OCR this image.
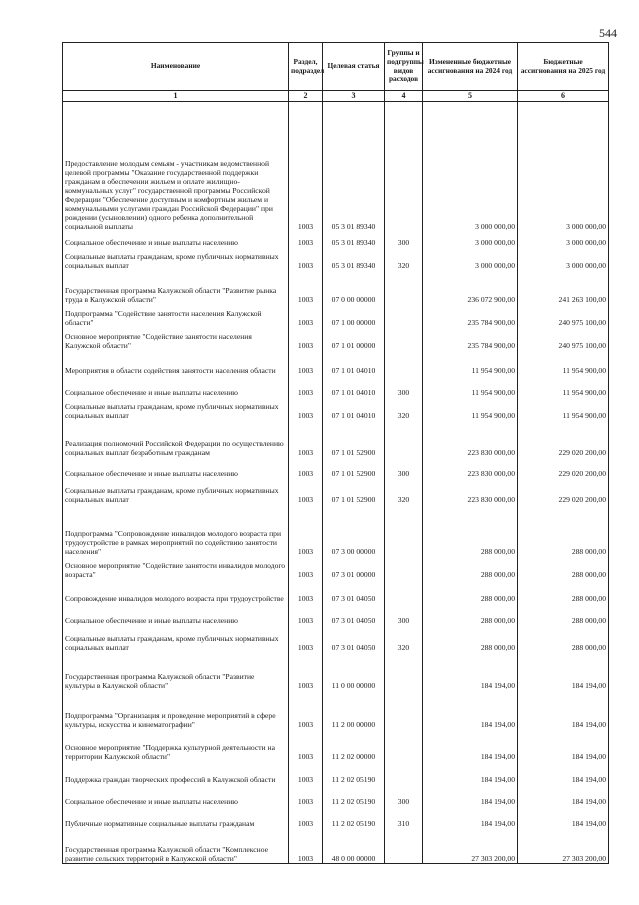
544
Наименование	Раздел, подраздел	Целевая статья	Группы и подгруппы видов расходов	Измененные бюджетные ассигнования на 2024 год	Бюджетные ассигнования на 2025 год
1	2	3	4	5	6
Предоставление молодым семьям - участникам ведомственной целевой программы "Оказание государственной поддержки гражданам в обеспечении жильем и оплате жилищно-коммунальных услуг" государственной программы Российской Федерации "Обеспечение доступным и комфортным жильем и коммунальными услугами граждан Российской Федерации" при рождении (усыновлении) одного ребенка дополнительной социальной выплаты	1003	05 3 01 89340		3 000 000,00	3 000 000,00
Социальное обеспечение и иные выплаты населению	1003	05 3 01 89340	300	3 000 000,00	3 000 000,00
Социальные выплаты гражданам, кроме публичных нормативных социальных выплат	1003	05 3 01 89340	320	3 000 000,00	3 000 000,00
Государственная программа Калужской области "Развитие рынка труда в Калужской области"	1003	07 0 00 00000		236 072 900,00	241 263 100,00
Подпрограмма "Содействие занятости населения Калужской области"	1003	07 1 00 00000		235 784 900,00	240 975 100,00
Основное мероприятие "Содействие занятости населения Калужской области"	1003	07 1 01 00000		235 784 900,00	240 975 100,00
Мероприятия в области содействия занятости населения области	1003	07 1 01 04010		11 954 900,00	11 954 900,00
Социальное обеспечение и иные выплаты населению	1003	07 1 01 04010	300	11 954 900,00	11 954 900,00
Социальные выплаты гражданам, кроме публичных нормативных социальных выплат	1003	07 1 01 04010	320	11 954 900,00	11 954 900,00
Реализация полномочий Российской Федерации по осуществлению социальных выплат безработным гражданам	1003	07 1 01 52900		223 830 000,00	229 020 200,00
Социальное обеспечение и иные выплаты населению	1003	07 1 01 52900	300	223 830 000,00	229 020 200,00
Социальные выплаты гражданам, кроме публичных нормативных социальных выплат	1003	07 1 01 52900	320	223 830 000,00	229 020 200,00
Подпрограмма "Сопровождение инвалидов молодого возраста при трудоустройстве в рамках мероприятий по содействию занятости населения"	1003	07 3 00 00000		288 000,00	288 000,00
Основное мероприятие "Содействие занятости инвалидов молодого возраста"	1003	07 3 01 00000		288 000,00	288 000,00
Сопровождение инвалидов молодого возраста при трудоустройстве	1003	07 3 01 04050		288 000,00	288 000,00
Социальное обеспечение и иные выплаты населению	1003	07 3 01 04050	300	288 000,00	288 000,00
Социальные выплаты гражданам, кроме публичных нормативных социальных выплат	1003	07 3 01 04050	320	288 000,00	288 000,00
Государственная программа Калужской области "Развитие культуры в Калужской области"	1003	11 0 00 00000		184 194,00	184 194,00
Подпрограмма "Организация и проведение мероприятий в сфере культуры, искусства и кинематографии"	1003	11 2 00 00000		184 194,00	184 194,00
Основное мероприятие "Поддержка культурной деятельности на территории Калужской области"	1003	11 2 02 00000		184 194,00	184 194,00
Поддержка граждан творческих профессий в Калужской области	1003	11 2 02 05190		184 194,00	184 194,00
Социальное обеспечение и иные выплаты населению	1003	11 2 02 05190	300	184 194,00	184 194,00
Публичные нормативные социальные выплаты гражданам	1003	11 2 02 05190	310	184 194,00	184 194,00
Государственная программа Калужской области "Комплексное развитие сельских территорий в Калужской области"	1003	48 0 00 00000		27 303 200,00	27 303 200,00
